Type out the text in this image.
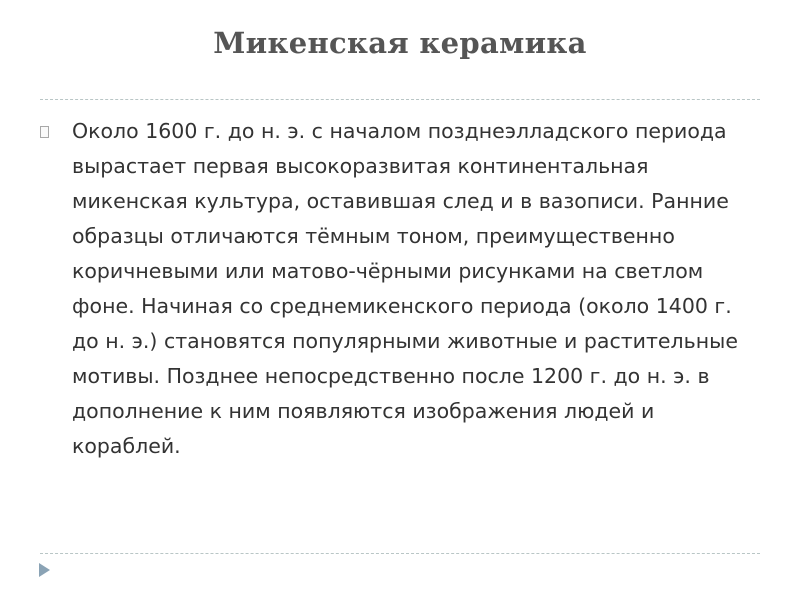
Микенская керамика

Около 1600 г. до н. э. с началом позднеэлладского периода вырастает первая высокоразвитая континентальная микенская культура, оставившая след и в вазописи. Ранние образцы отличаются тёмным тоном, преимущественно коричневыми или матово-чёрными рисунками на светлом фоне. Начиная со среднемикенского периода (около 1400 г. до н. э.) становятся популярными животные и растительные мотивы. Позднее непосредственно после 1200 г. до н. э. в дополнение к ним появляются изображения людей и кораблей.
